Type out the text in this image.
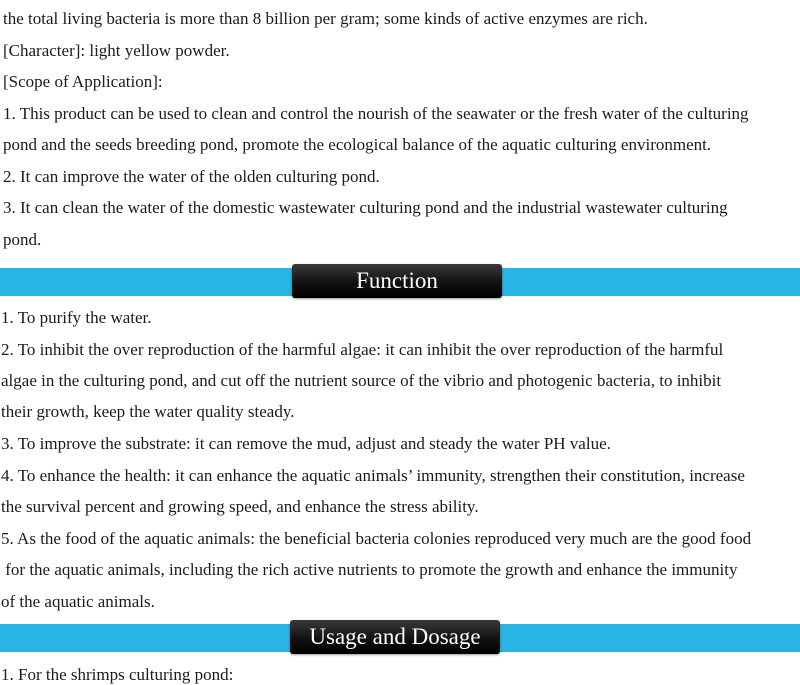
the total living bacteria is more than 8 billion per gram; some kinds of active enzymes are rich.

[Character]: light yellow powder.

[Scope of Application]:

1. This product can be used to clean and control the nourish of the seawater or the fresh water of the culturing

pond and the seeds breeding pond, promote the ecological balance of the aquatic culturing environment.

2. It can improve the water of the olden culturing pond.

3. It can clean the water of the domestic wastewater culturing pond and the industrial wastewater culturing

pond.

Function

1. To purify the water.

2. To inhibit the over reproduction of the harmful algae: it can inhibit the over reproduction of the harmful

algae in the culturing pond, and cut off the nutrient source of the vibrio and photogenic bacteria, to inhibit

their growth, keep the water quality steady.

3. To improve the substrate: it can remove the mud, adjust and steady the water PH value.

4. To enhance the health: it can enhance the aquatic animals’ immunity, strengthen their constitution, increase

the survival percent and growing speed, and enhance the stress ability.

5. As the food of the aquatic animals: the beneficial bacteria colonies reproduced very much are the good food

for the aquatic animals, including the rich active nutrients to promote the growth and enhance the immunity

of the aquatic animals.

Usage and Dosage

1. For the shrimps culturing pond:
